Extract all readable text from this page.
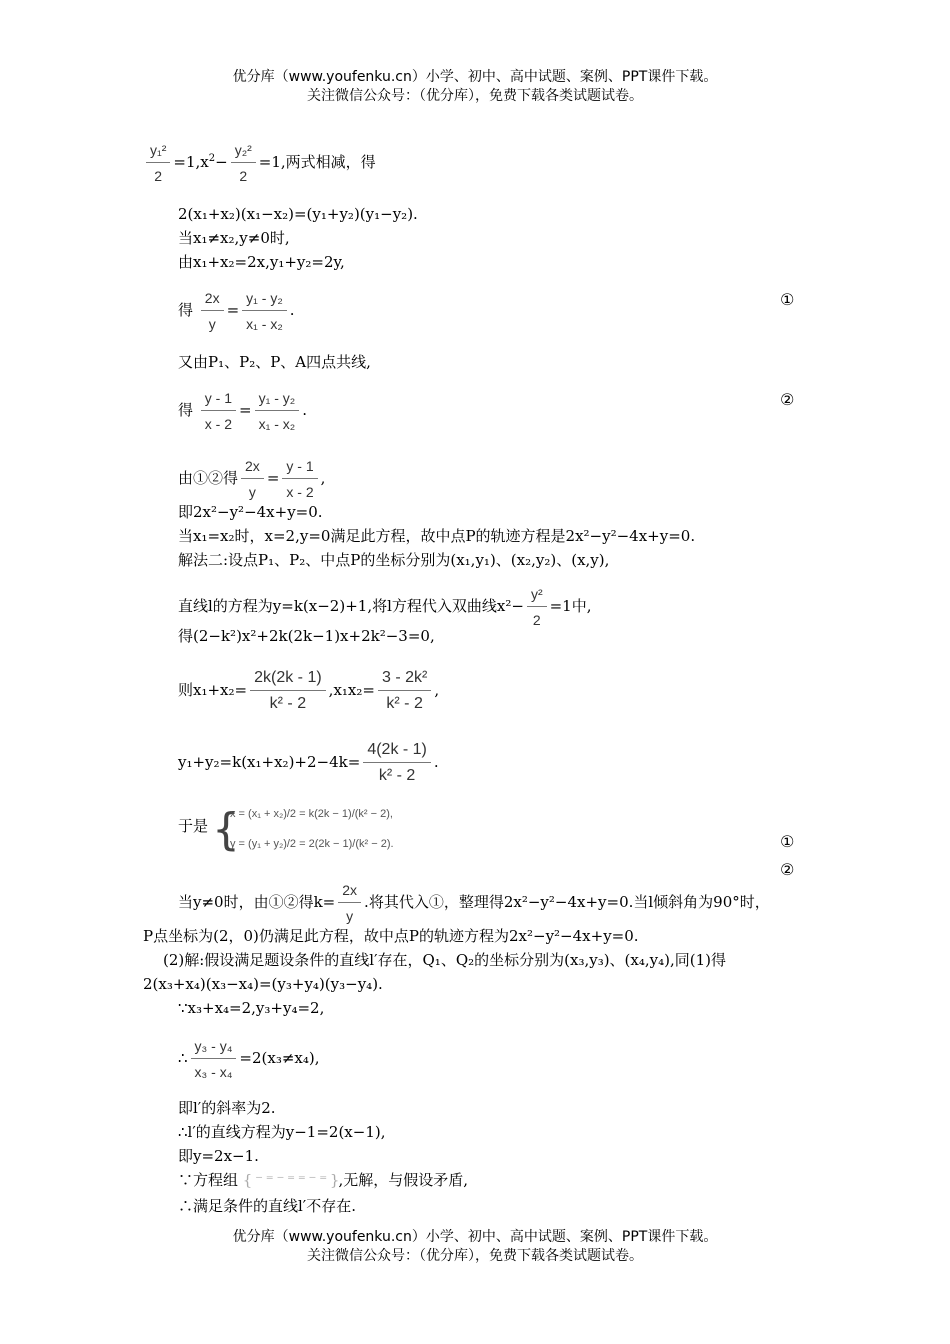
优分库（www.youfenku.cn）小学、初中、高中试题、案例、PPT课件下载。
关注微信公众号：（优分库），免费下载各类试题试卷。
$\frac{\text{y₁²}}{2} =1,x^2- \frac{\text{y₂²}}{2} =1$,两式相减，得
2(x₁+x₂)(x₁−x₂)=(y₁+y₂)(y₁−y₂).
当x₁≠x₂,y≠0时,
由x₁+x₂=2x,y₁+y₂=2y,
得 $\frac{2x}{y} = \frac{\text{y₁ - y₂}}{\text{x₁ - x₂}}$ .
①
又由P₁、P₂、P、A四点共线,
得 $\frac{y - 1}{x - 2} = \frac{\text{y₁ - y₂}}{\text{x₁ - x₂}}$ .
②
由①②得 $\frac{2x}{y} = \frac{y - 1}{x - 2}$ ,
即2x²−y²−4x+y=0.
当x₁=x₂时，x=2,y=0满足此方程，故中点P的轨迹方程是2x²−y²−4x+y=0.
解法二:设点P₁、P₂、中点P的坐标分别为(x₁,y₁)、(x₂,y₂)、(x,y),
直线l的方程为y=k(x−2)+1,将l方程代入双曲线$x^2- \frac{\text{y²}}{2} =1$中,
得(2−k²)x²+2k(2k−1)x+2k²−3=0,
则$x_1+x_2= \frac{2k(2k - 1)}{\text{k² - 2}} ,x_1x_2= \frac{\text{3 - 2k²}}{\text{k² - 2}}$ ,
$y_1+y_2=k(x_1+x_2)+2-4k= \frac{4(2k - 1)}{\text{k² - 2}}$ .
于是 {
x = (x₁ + x₂)/2 = k(2k − 1)/(k² − 2),
y = (y₁ + y₂)/2 = 2(2k − 1)/(k² − 2).	①
②
当y≠0时，由①②得$k= \frac{2x}{y}$ .将其代入①，整理得2x²−y²−4x+y=0.当l倾斜角为90°时，
P点坐标为(2，0)仍满足此方程，故中点P的轨迹方程为2x²−y²−4x+y=0.
(2)解:假设满足题设条件的直线l′存在，Q₁、Q₂的坐标分别为(x₃,y₃)、(x₄,y₄),同(1)得
2(x₃+x₄)(x₃−x₄)=(y₃+y₄)(y₃−y₄).
∵x₃+x₄=2,y₃+y₄=2,
∴ $\frac{\text{y₃ - y₄}}{\text{x₃ - x₄}} =2(x_3\ne x_4)$,
即l′的斜率为2.
∴l′的直线方程为y−1=2(x−1),
即y=2x−1.
∵方程组 { ⁻ ⁼ ⁻ ⁼ ⁼ ⁻ ⁼ },无解，与假设矛盾,
∴满足条件的直线l′不存在.
优分库（www.youfenku.cn）小学、初中、高中试题、案例、PPT课件下载。
关注微信公众号：（优分库），免费下载各类试题试卷。
